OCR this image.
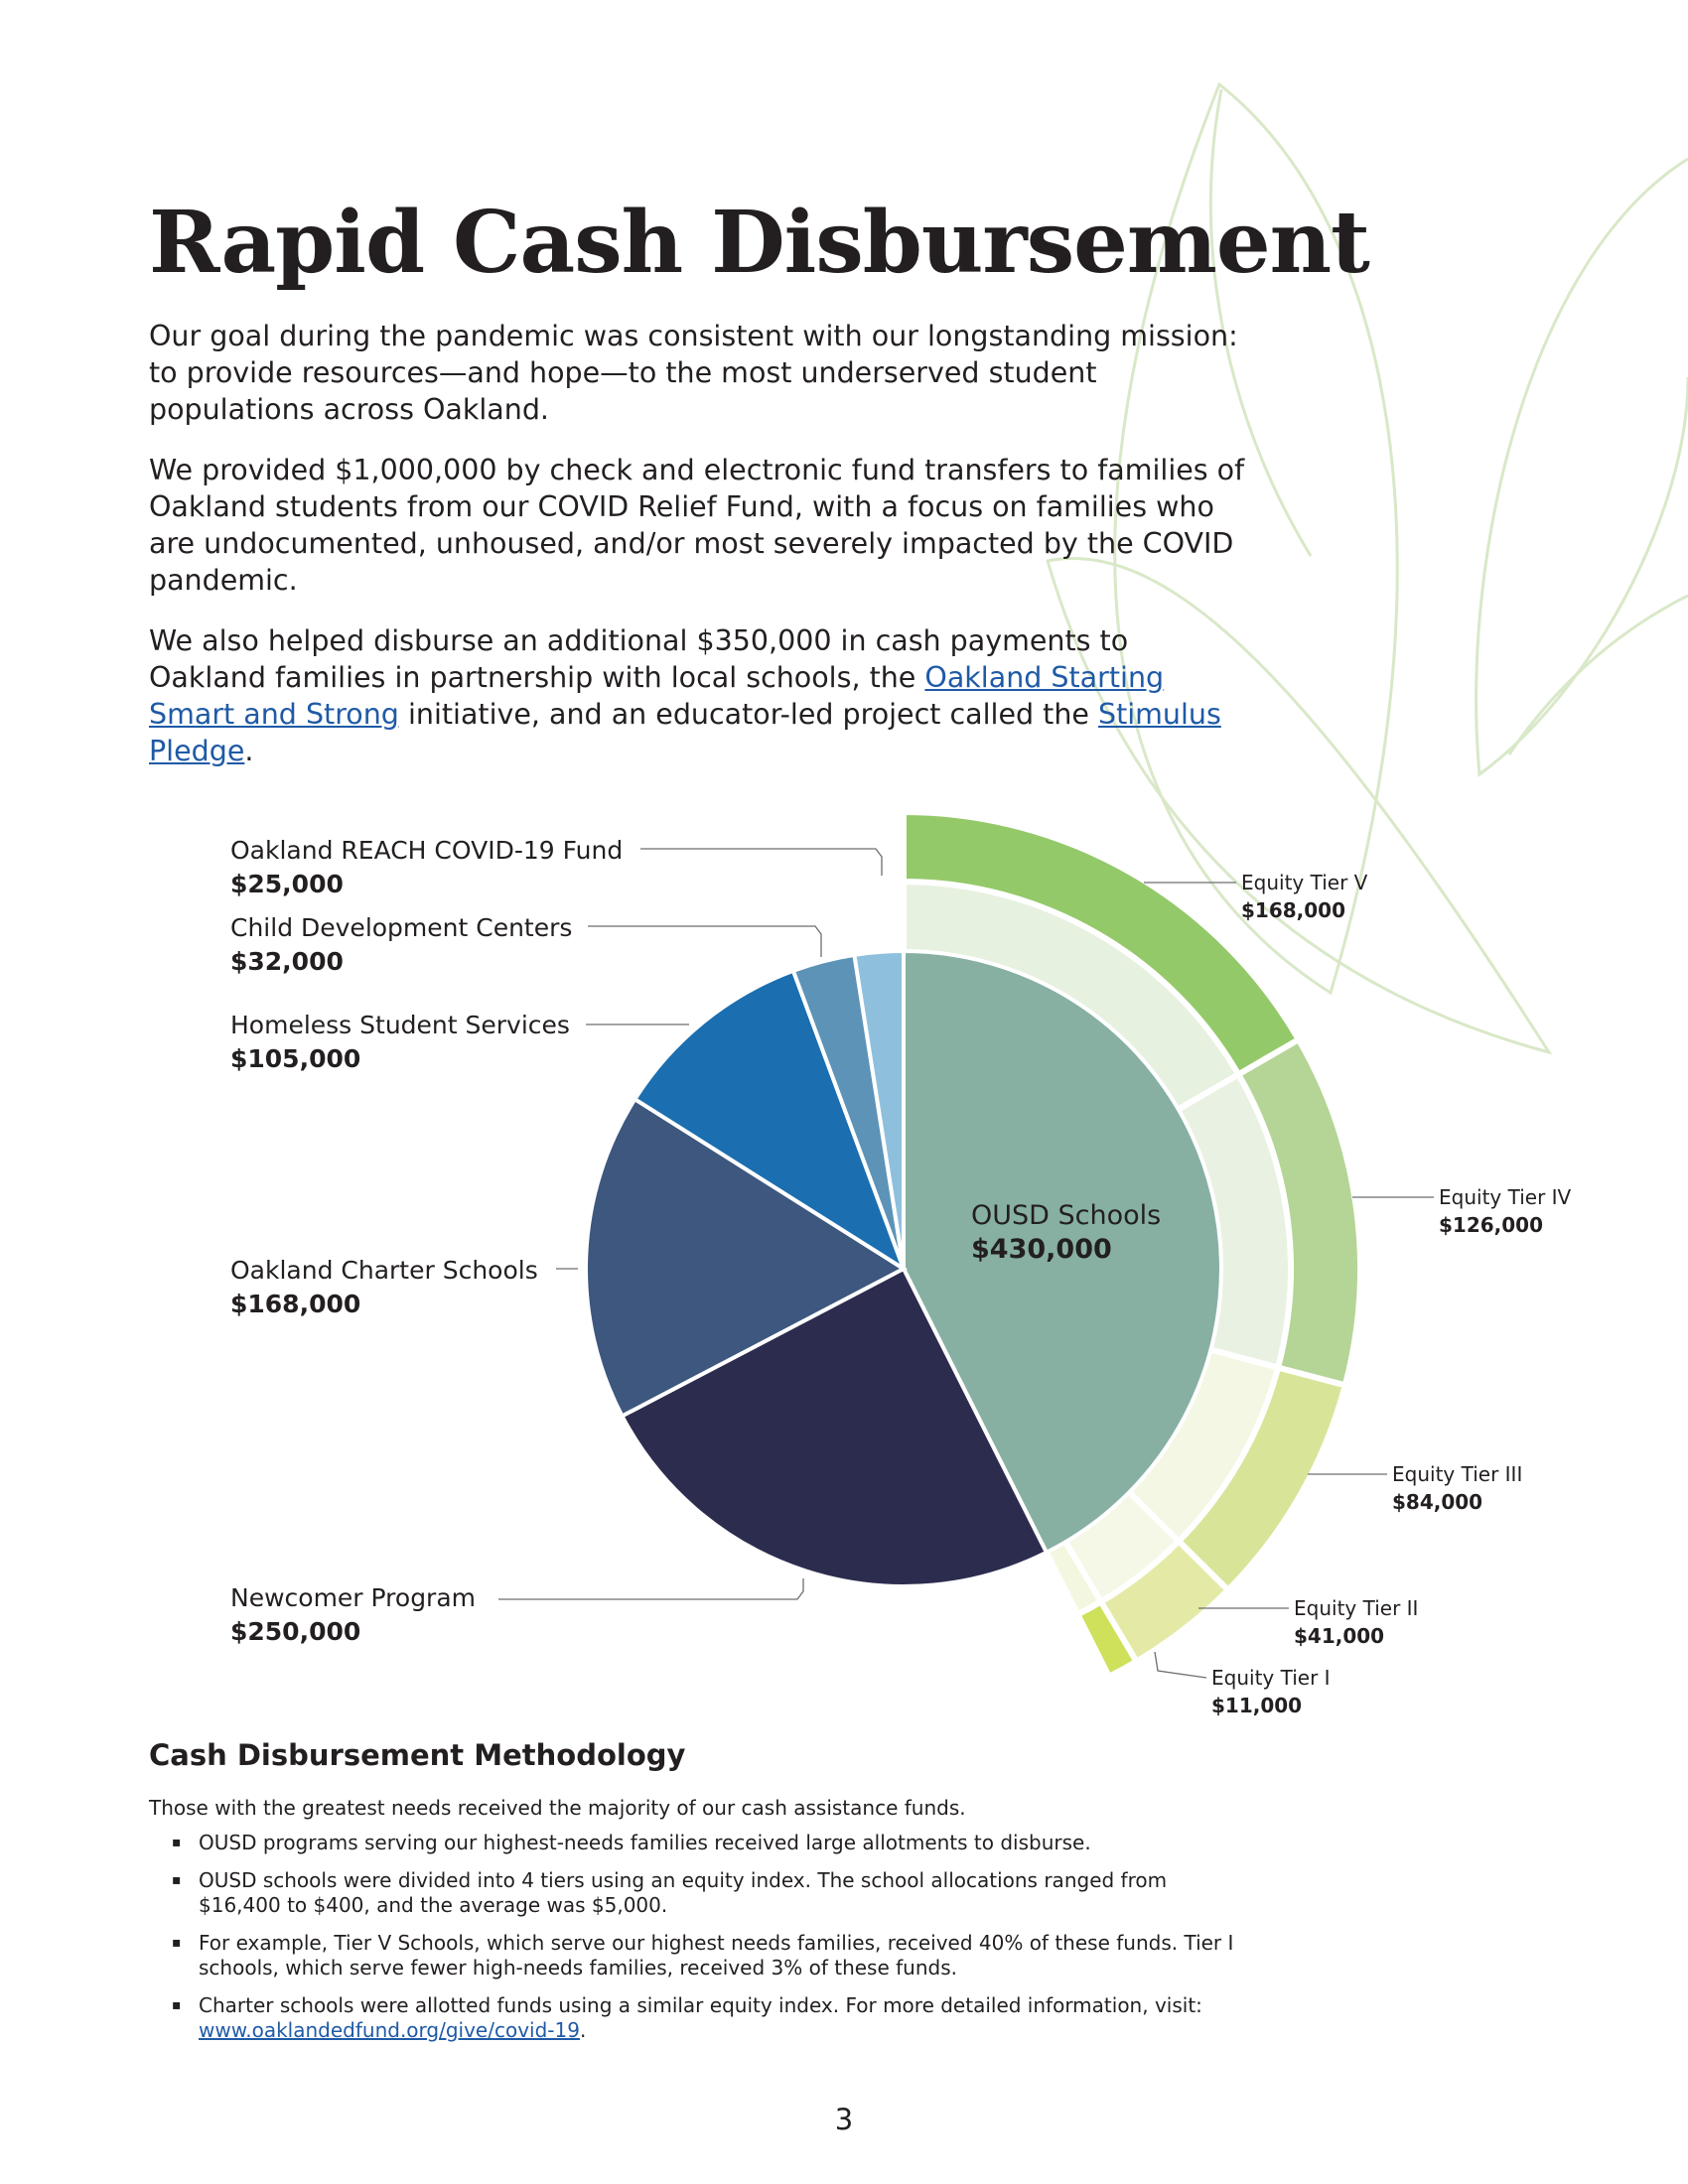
Rapid Cash Disbursement

Our goal during the pandemic was consistent with our longstanding mission: to provide resources—and hope—to the most underserved student populations across Oakland.

We provided $1,000,000 by check and electronic fund transfers to families of Oakland students from our COVID Relief Fund, with a focus on families who are undocumented, unhoused, and/or most severely impacted by the COVID pandemic.

We also helped disburse an additional $350,000 in cash payments to Oakland families in partnership with local schools, the Oakland Starting Smart and Strong initiative, and an educator-led project called the Stimulus Pledge.

OUSD Schools
$430,000
Oakland REACH COVID-19 Fund
$25,000
Child Development Centers
$32,000
Homeless Student Services
$105,000
Oakland Charter Schools
$168,000
Newcomer Program
$250,000
Equity Tier V
$168,000
Equity Tier IV
$126,000
Equity Tier III
$84,000
Equity Tier II
$41,000
Equity Tier I
$11,000
Cash Disbursement Methodology

Those with the greatest needs received the majority of our cash assistance funds.

▪ OUSD programs serving our highest-needs families received large allotments to disburse.
▪ OUSD schools were divided into 4 tiers using an equity index. The school allocations ranged from $16,400 to $400, and the average was $5,000.
▪ For example, Tier V Schools, which serve our highest needs families, received 40% of these funds. Tier I schools, which serve fewer high-needs families, received 3% of these funds.
▪ Charter schools were allotted funds using a similar equity index. For more detailed information, visit: www.oaklandedfund.org/give/covid-19.
3
